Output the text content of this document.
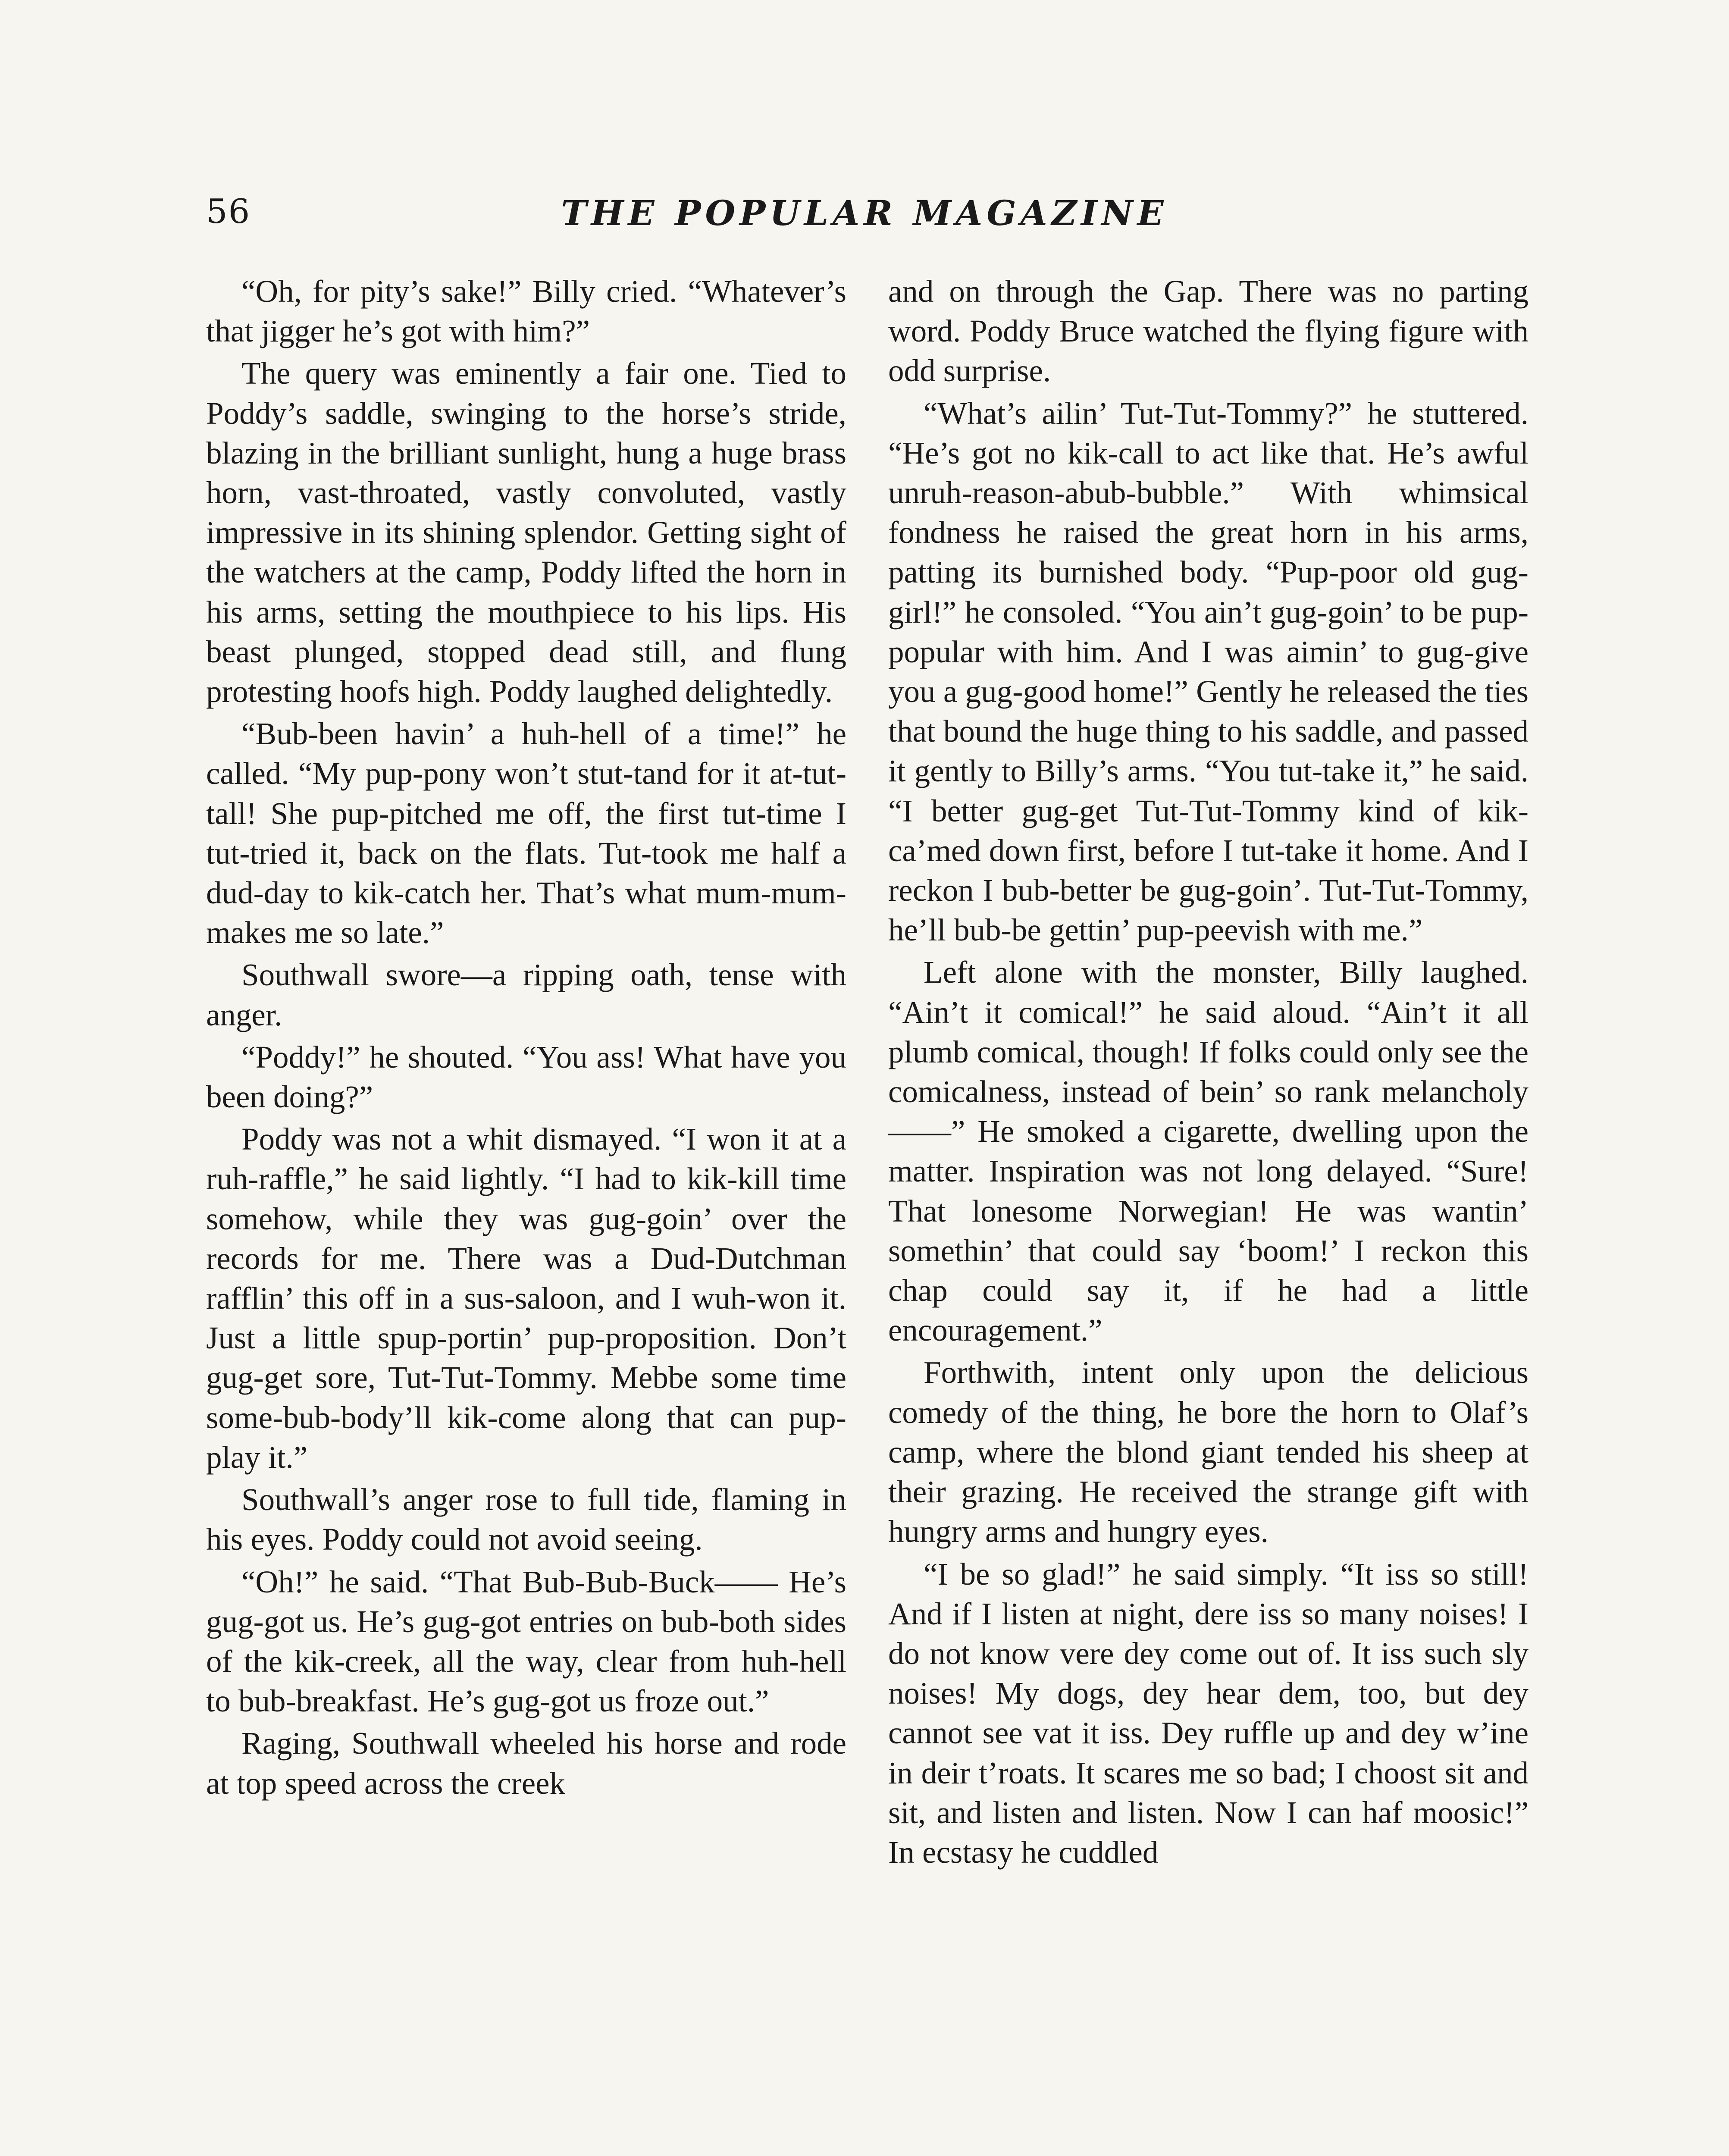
56	THE POPULAR MAGAZINE

“Oh, for pity’s sake!” Billy cried. “Whatever’s that jigger he’s got with him?”

The query was eminently a fair one. Tied to Poddy’s saddle, swinging to the horse’s stride, blazing in the brilliant sunlight, hung a huge brass horn, vast-throated, vastly convoluted, vastly impressive in its shining splendor. Getting sight of the watchers at the camp, Poddy lifted the horn in his arms, setting the mouthpiece to his lips. His beast plunged, stopped dead still, and flung protesting hoofs high. Poddy laughed delightedly.

“Bub-been havin’ a huh-hell of a time!” he called. “My pup-pony won’t stut-tand for it at-tut-tall! She pup-pitched me off, the first tut-time I tut-tried it, back on the flats. Tut-took me half a dud-day to kik-catch her. That’s what mum-mum-makes me so late.”

Southwall swore—a ripping oath, tense with anger.

“Poddy!” he shouted. “You ass! What have you been doing?”

Poddy was not a whit dismayed. “I won it at a ruh-raffle,” he said lightly. “I had to kik-kill time somehow, while they was gug-goin’ over the records for me. There was a Dud-Dutchman rafflin’ this off in a sus-saloon, and I wuh-won it. Just a little spup-portin’ pup-proposition. Don’t gug-get sore, Tut-Tut-Tommy. Mebbe some time some-bub-body’ll kik-come along that can pup-play it.”

Southwall’s anger rose to full tide, flaming in his eyes. Poddy could not avoid seeing.

“Oh!” he said. “That Bub-Bub-Buck—— He’s gug-got us. He’s gug-got entries on bub-both sides of the kik-creek, all the way, clear from huh-hell to bub-breakfast. He’s gug-got us froze out.”

Raging, Southwall wheeled his horse and rode at top speed across the creek

and on through the Gap. There was no parting word. Poddy Bruce watched the flying figure with odd surprise.

“What’s ailin’ Tut-Tut-Tommy?” he stuttered. “He’s got no kik-call to act like that. He’s awful unruh-reason-abub-bubble.” With whimsical fondness he raised the great horn in his arms, patting its burnished body. “Pup-poor old gug-girl!” he consoled. “You ain’t gug-goin’ to be pup-popular with him. And I was aimin’ to gug-give you a gug-good home!” Gently he released the ties that bound the huge thing to his saddle, and passed it gently to Billy’s arms. “You tut-take it,” he said. “I better gug-get Tut-Tut-Tommy kind of kik-ca’med down first, before I tut-take it home. And I reckon I bub-better be gug-goin’. Tut-Tut-Tommy, he’ll bub-be gettin’ pup-peevish with me.”

Left alone with the monster, Billy laughed. “Ain’t it comical!” he said aloud. “Ain’t it all plumb comical, though! If folks could only see the comicalness, instead of bein’ so rank melancholy——” He smoked a cigarette, dwelling upon the matter. Inspiration was not long delayed. “Sure! That lonesome Norwegian! He was wantin’ somethin’ that could say ‘boom!’ I reckon this chap could say it, if he had a little encouragement.”

Forthwith, intent only upon the delicious comedy of the thing, he bore the horn to Olaf’s camp, where the blond giant tended his sheep at their grazing. He received the strange gift with hungry arms and hungry eyes.

“I be so glad!” he said simply. “It iss so still! And if I listen at night, dere iss so many noises! I do not know vere dey come out of. It iss such sly noises! My dogs, dey hear dem, too, but dey cannot see vat it iss. Dey ruffle up and dey w’ine in deir t’roats. It scares me so bad; I choost sit and sit, and listen and listen. Now I can haf moosic!” In ecstasy he cuddled
